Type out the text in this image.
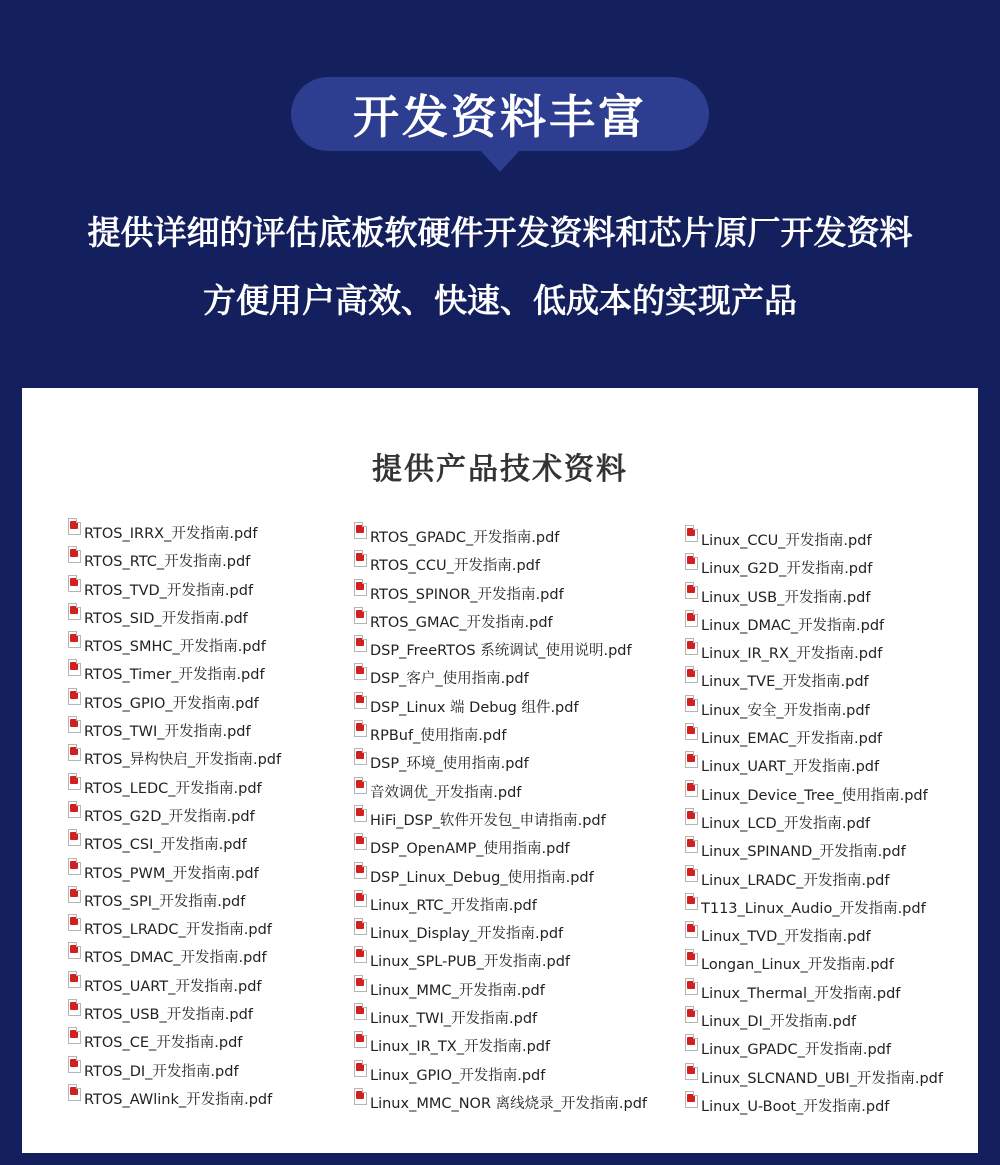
开发资料丰富
提供详细的评估底板软硬件开发资料和芯片原厂开发资料
方便用户高效、快速、低成本的实现产品
提供产品技术资料
RTOS_IRRX_开发指南.pdf
RTOS_RTC_开发指南.pdf
RTOS_TVD_开发指南.pdf
RTOS_SID_开发指南.pdf
RTOS_SMHC_开发指南.pdf
RTOS_Timer_开发指南.pdf
RTOS_GPIO_开发指南.pdf
RTOS_TWI_开发指南.pdf
RTOS_异构快启_开发指南.pdf
RTOS_LEDC_开发指南.pdf
RTOS_G2D_开发指南.pdf
RTOS_CSI_开发指南.pdf
RTOS_PWM_开发指南.pdf
RTOS_SPI_开发指南.pdf
RTOS_LRADC_开发指南.pdf
RTOS_DMAC_开发指南.pdf
RTOS_UART_开发指南.pdf
RTOS_USB_开发指南.pdf
RTOS_CE_开发指南.pdf
RTOS_DI_开发指南.pdf
RTOS_AWlink_开发指南.pdf
RTOS_GPADC_开发指南.pdf
RTOS_CCU_开发指南.pdf
RTOS_SPINOR_开发指南.pdf
RTOS_GMAC_开发指南.pdf
DSP_FreeRTOS 系统调试_使用说明.pdf
DSP_客户_使用指南.pdf
DSP_Linux 端 Debug 组件.pdf
RPBuf_使用指南.pdf
DSP_环境_使用指南.pdf
音效调优_开发指南.pdf
HiFi_DSP_软件开发包_申请指南.pdf
DSP_OpenAMP_使用指南.pdf
DSP_Linux_Debug_使用指南.pdf
Linux_RTC_开发指南.pdf
Linux_Display_开发指南.pdf
Linux_SPL-PUB_开发指南.pdf
Linux_MMC_开发指南.pdf
Linux_TWI_开发指南.pdf
Linux_IR_TX_开发指南.pdf
Linux_GPIO_开发指南.pdf
Linux_MMC_NOR 离线烧录_开发指南.pdf
Linux_CCU_开发指南.pdf
Linux_G2D_开发指南.pdf
Linux_USB_开发指南.pdf
Linux_DMAC_开发指南.pdf
Linux_IR_RX_开发指南.pdf
Linux_TVE_开发指南.pdf
Linux_安全_开发指南.pdf
Linux_EMAC_开发指南.pdf
Linux_UART_开发指南.pdf
Linux_Device_Tree_使用指南.pdf
Linux_LCD_开发指南.pdf
Linux_SPINAND_开发指南.pdf
Linux_LRADC_开发指南.pdf
T113_Linux_Audio_开发指南.pdf
Linux_TVD_开发指南.pdf
Longan_Linux_开发指南.pdf
Linux_Thermal_开发指南.pdf
Linux_DI_开发指南.pdf
Linux_GPADC_开发指南.pdf
Linux_SLCNAND_UBI_开发指南.pdf
Linux_U-Boot_开发指南.pdf
